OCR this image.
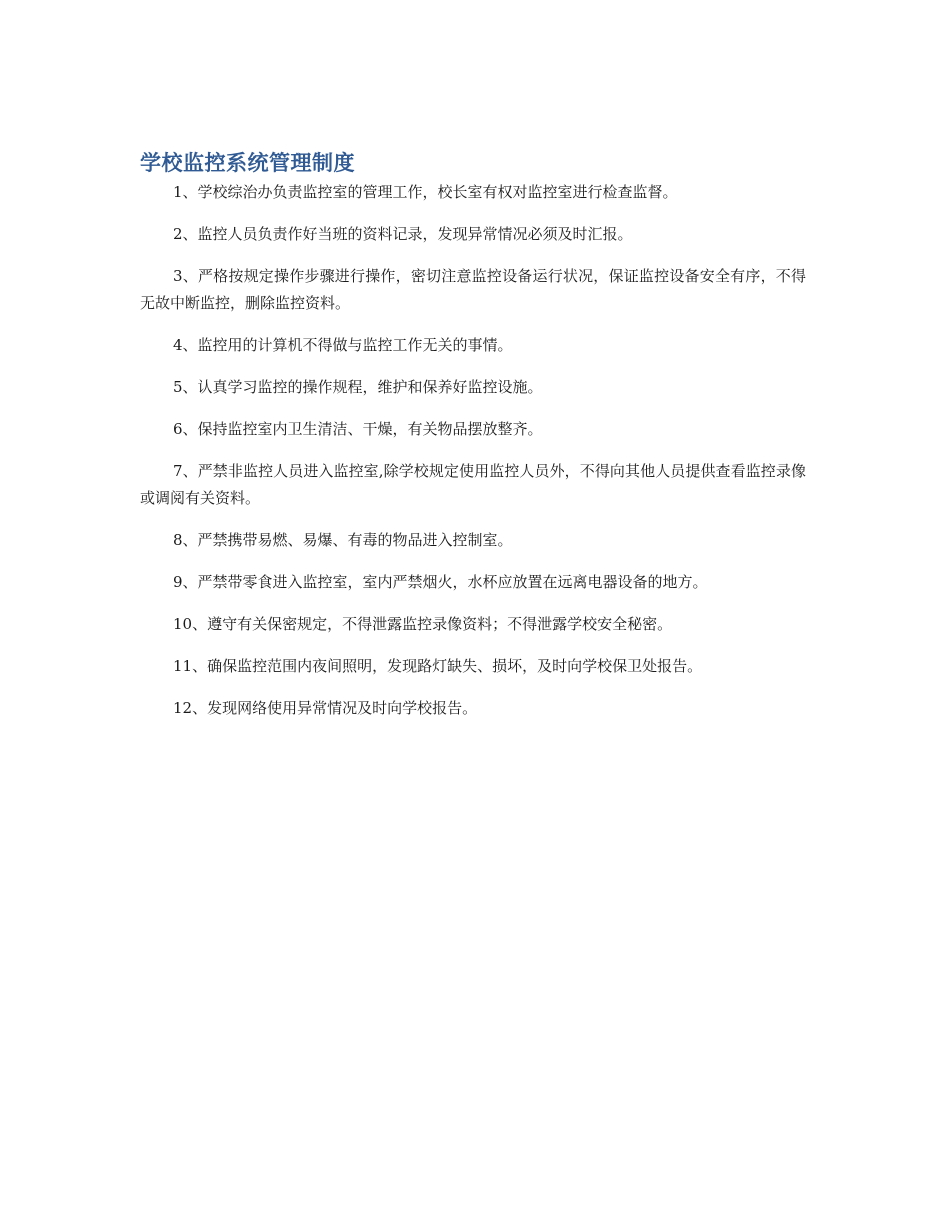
学校监控系统管理制度

1、学校综治办负责监控室的管理工作，校长室有权对监控室进行检查监督。

2、监控人员负责作好当班的资料记录，发现异常情况必须及时汇报。

3、严格按规定操作步骤进行操作，密切注意监控设备运行状况，保证监控设备安全有序，不得无故中断监控，删除监控资料。

4、监控用的计算机不得做与监控工作无关的事情。

5、认真学习监控的操作规程，维护和保养好监控设施。

6、保持监控室内卫生清洁、干燥，有关物品摆放整齐。

7、严禁非监控人员进入监控室,除学校规定使用监控人员外，不得向其他人员提供查看监控录像或调阅有关资料。

8、严禁携带易燃、易爆、有毒的物品进入控制室。

9、严禁带零食进入监控室，室内严禁烟火，水杯应放置在远离电器设备的地方。

10、遵守有关保密规定，不得泄露监控录像资料；不得泄露学校安全秘密。

11、确保监控范围内夜间照明，发现路灯缺失、损坏，及时向学校保卫处报告。

12、发现网络使用异常情况及时向学校报告。
